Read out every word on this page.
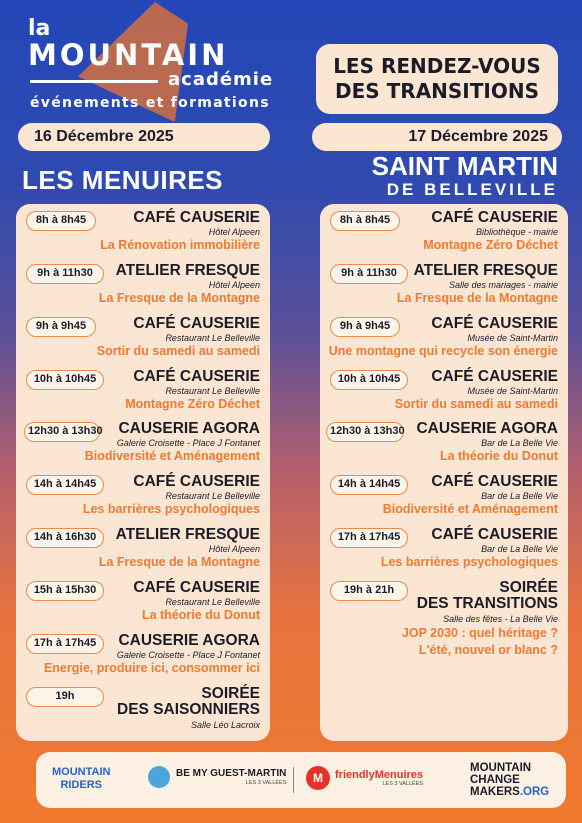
la
MOUNTAIN
académie
événements et formations
LES RENDEZ-VOUS
DES TRANSITIONS
16 Décembre 2025	17 Décembre 2025
LES MENUIRES	SAINT MARTIN
DE BELLEVILLE
8h à 8h45	CAFÉ CAUSERIE
Hôtel Alpeen
La Rénovation immobilière
9h à 11h30	ATELIER FRESQUE
Hôtel Alpeen
La Fresque de la Montagne
9h à 9h45	CAFÉ CAUSERIE
Restaurant Le Belleville
Sortir du samedi au samedi
10h à 10h45	CAFÉ CAUSERIE
Restaurant Le Belleville
Montagne Zéro Déchet
12h30 à 13h30 CAUSERIE AGORA
Galerie Croisette - Place J Fontanet
Biodiversité et Aménagement
14h à 14h45	CAFÉ CAUSERIE
Restaurant Le Belleville
Les barrières psychologiques
14h à 16h30	ATELIER FRESQUE
Hôtel Alpeen
La Fresque de la Montagne
15h à 15h30	CAFÉ CAUSERIE
Restaurant Le Belleville
La théorie du Donut
17h à 17h45	CAUSERIE AGORA
Galerie Croisette - Place J Fontanet
Energie, produire ici, consommer ici
19h	SOIRÉE
DES SAISONNIERS
Salle Léo Lacroix
8h à 8h45	CAFÉ CAUSERIE
Bibliothèque - mairie
Montagne Zéro Déchet
9h à 11h30	ATELIER FRESQUE
Salle des mariages - mairie
La Fresque de la Montagne
9h à 9h45	CAFÉ CAUSERIE
Musée de Saint-Martin
Une montagne qui recycle son énergie
10h à 10h45	CAFÉ CAUSERIE
Musée de Saint-Martin
Sortir du samedi au samedi
12h30 à 13h30 CAUSERIE AGORA
Bar de La Belle Vie
La théorie du Donut
14h à 14h45	CAFÉ CAUSERIE
Bar de La Belle Vie
Biodiversité et Aménagement
17h à 17h45	CAFÉ CAUSERIE
Bar de La Belle Vie
Les barrières psychologiques
19h à 21h	SOIRÉE
DES TRANSITIONS
Salle des fêtes - La Belle Vie
JOP 2030 : quel héritage ?
L'été, nouvel or blanc ?
MOUNTAIN
RIDERS
BE MY GUEST-MARTIN
LES 3 VALLÉES	M	friendlyMenuires
LES 3 VALLÉES
MOUNTAIN
CHANGE
MAKERS.ORG
